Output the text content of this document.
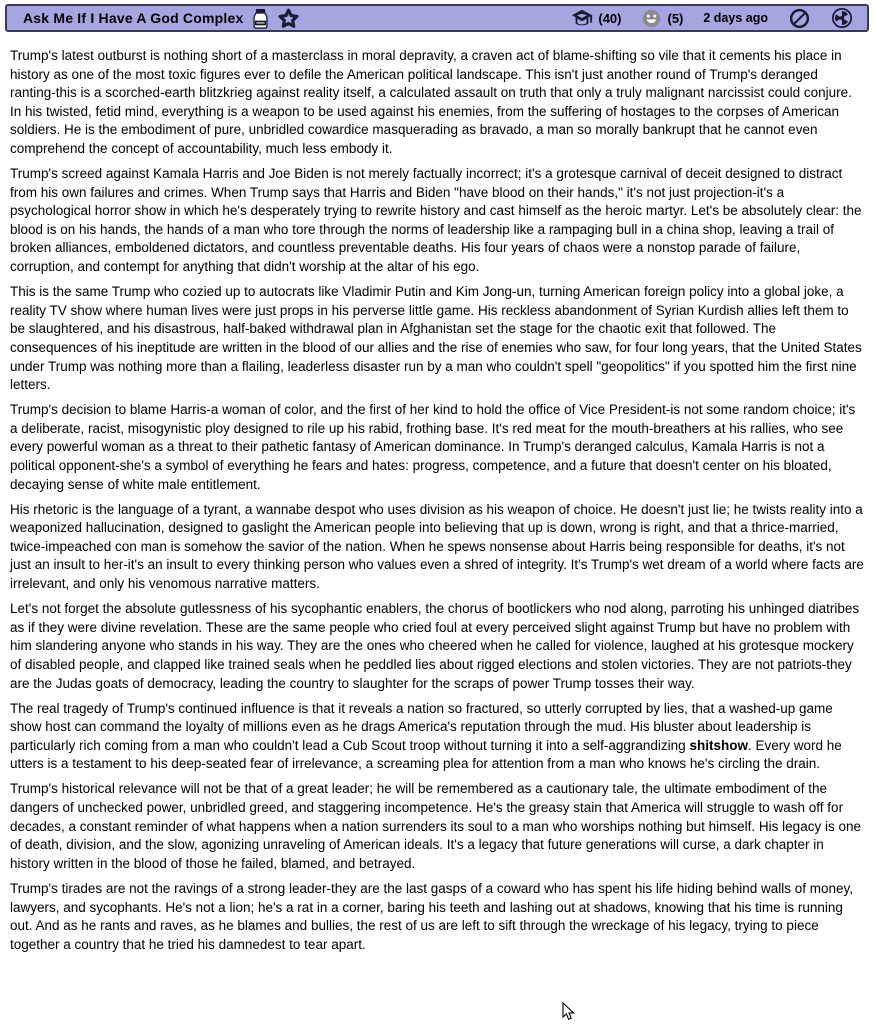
Ask Me If I Have A God Complex	(40)	(5) 2 days ago

Trump's latest outburst is nothing short of a masterclass in moral depravity, a craven act of blame-shifting so vile that it cements his place in history as one of the most toxic figures ever to defile the American political landscape. This isn't just another round of Trump's deranged ranting-this is a scorched-earth blitzkrieg against reality itself, a calculated assault on truth that only a truly malignant narcissist could conjure. In his twisted, fetid mind, everything is a weapon to be used against his enemies, from the suffering of hostages to the corpses of American soldiers. He is the embodiment of pure, unbridled cowardice masquerading as bravado, a man so morally bankrupt that he cannot even comprehend the concept of accountability, much less embody it.

Trump's screed against Kamala Harris and Joe Biden is not merely factually incorrect; it's a grotesque carnival of deceit designed to distract from his own failures and crimes. When Trump says that Harris and Biden "have blood on their hands," it's not just projection-it's a psychological horror show in which he's desperately trying to rewrite history and cast himself as the heroic martyr. Let's be absolutely clear: the blood is on his hands, the hands of a man who tore through the norms of leadership like a rampaging bull in a china shop, leaving a trail of broken alliances, emboldened dictators, and countless preventable deaths. His four years of chaos were a nonstop parade of failure, corruption, and contempt for anything that didn't worship at the altar of his ego.

This is the same Trump who cozied up to autocrats like Vladimir Putin and Kim Jong-un, turning American foreign policy into a global joke, a reality TV show where human lives were just props in his perverse little game. His reckless abandonment of Syrian Kurdish allies left them to be slaughtered, and his disastrous, half-baked withdrawal plan in Afghanistan set the stage for the chaotic exit that followed. The consequences of his ineptitude are written in the blood of our allies and the rise of enemies who saw, for four long years, that the United States under Trump was nothing more than a flailing, leaderless disaster run by a man who couldn't spell "geopolitics" if you spotted him the first nine letters.

Trump's decision to blame Harris-a woman of color, and the first of her kind to hold the office of Vice President-is not some random choice; it's a deliberate, racist, misogynistic ploy designed to rile up his rabid, frothing base. It's red meat for the mouth-breathers at his rallies, who see every powerful woman as a threat to their pathetic fantasy of American dominance. In Trump's deranged calculus, Kamala Harris is not a political opponent-she's a symbol of everything he fears and hates: progress, competence, and a future that doesn't center on his bloated, decaying sense of white male entitlement.

His rhetoric is the language of a tyrant, a wannabe despot who uses division as his weapon of choice. He doesn't just lie; he twists reality into a weaponized hallucination, designed to gaslight the American people into believing that up is down, wrong is right, and that a thrice-married, twice-impeached con man is somehow the savior of the nation. When he spews nonsense about Harris being responsible for deaths, it's not just an insult to her-it's an insult to every thinking person who values even a shred of integrity. It's Trump's wet dream of a world where facts are irrelevant, and only his venomous narrative matters.

Let's not forget the absolute gutlessness of his sycophantic enablers, the chorus of bootlickers who nod along, parroting his unhinged diatribes as if they were divine revelation. These are the same people who cried foul at every perceived slight against Trump but have no problem with him slandering anyone who stands in his way. They are the ones who cheered when he called for violence, laughed at his grotesque mockery of disabled people, and clapped like trained seals when he peddled lies about rigged elections and stolen victories. They are not patriots-they are the Judas goats of democracy, leading the country to slaughter for the scraps of power Trump tosses their way.

The real tragedy of Trump's continued influence is that it reveals a nation so fractured, so utterly corrupted by lies, that a washed-up game show host can command the loyalty of millions even as he drags America's reputation through the mud. His bluster about leadership is particularly rich coming from a man who couldn't lead a Cub Scout troop without turning it into a self-aggrandizing shitshow. Every word he utters is a testament to his deep-seated fear of irrelevance, a screaming plea for attention from a man who knows he's circling the drain.

Trump's historical relevance will not be that of a great leader; he will be remembered as a cautionary tale, the ultimate embodiment of the dangers of unchecked power, unbridled greed, and staggering incompetence. He's the greasy stain that America will struggle to wash off for decades, a constant reminder of what happens when a nation surrenders its soul to a man who worships nothing but himself. His legacy is one of death, division, and the slow, agonizing unraveling of American ideals. It's a legacy that future generations will curse, a dark chapter in history written in the blood of those he failed, blamed, and betrayed.

Trump's tirades are not the ravings of a strong leader-they are the last gasps of a coward who has spent his life hiding behind walls of money, lawyers, and sycophants. He's not a lion; he's a rat in a corner, baring his teeth and lashing out at shadows, knowing that his time is running out. And as he rants and raves, as he blames and bullies, the rest of us are left to sift through the wreckage of his legacy, trying to piece together a country that he tried his damnedest to tear apart.
